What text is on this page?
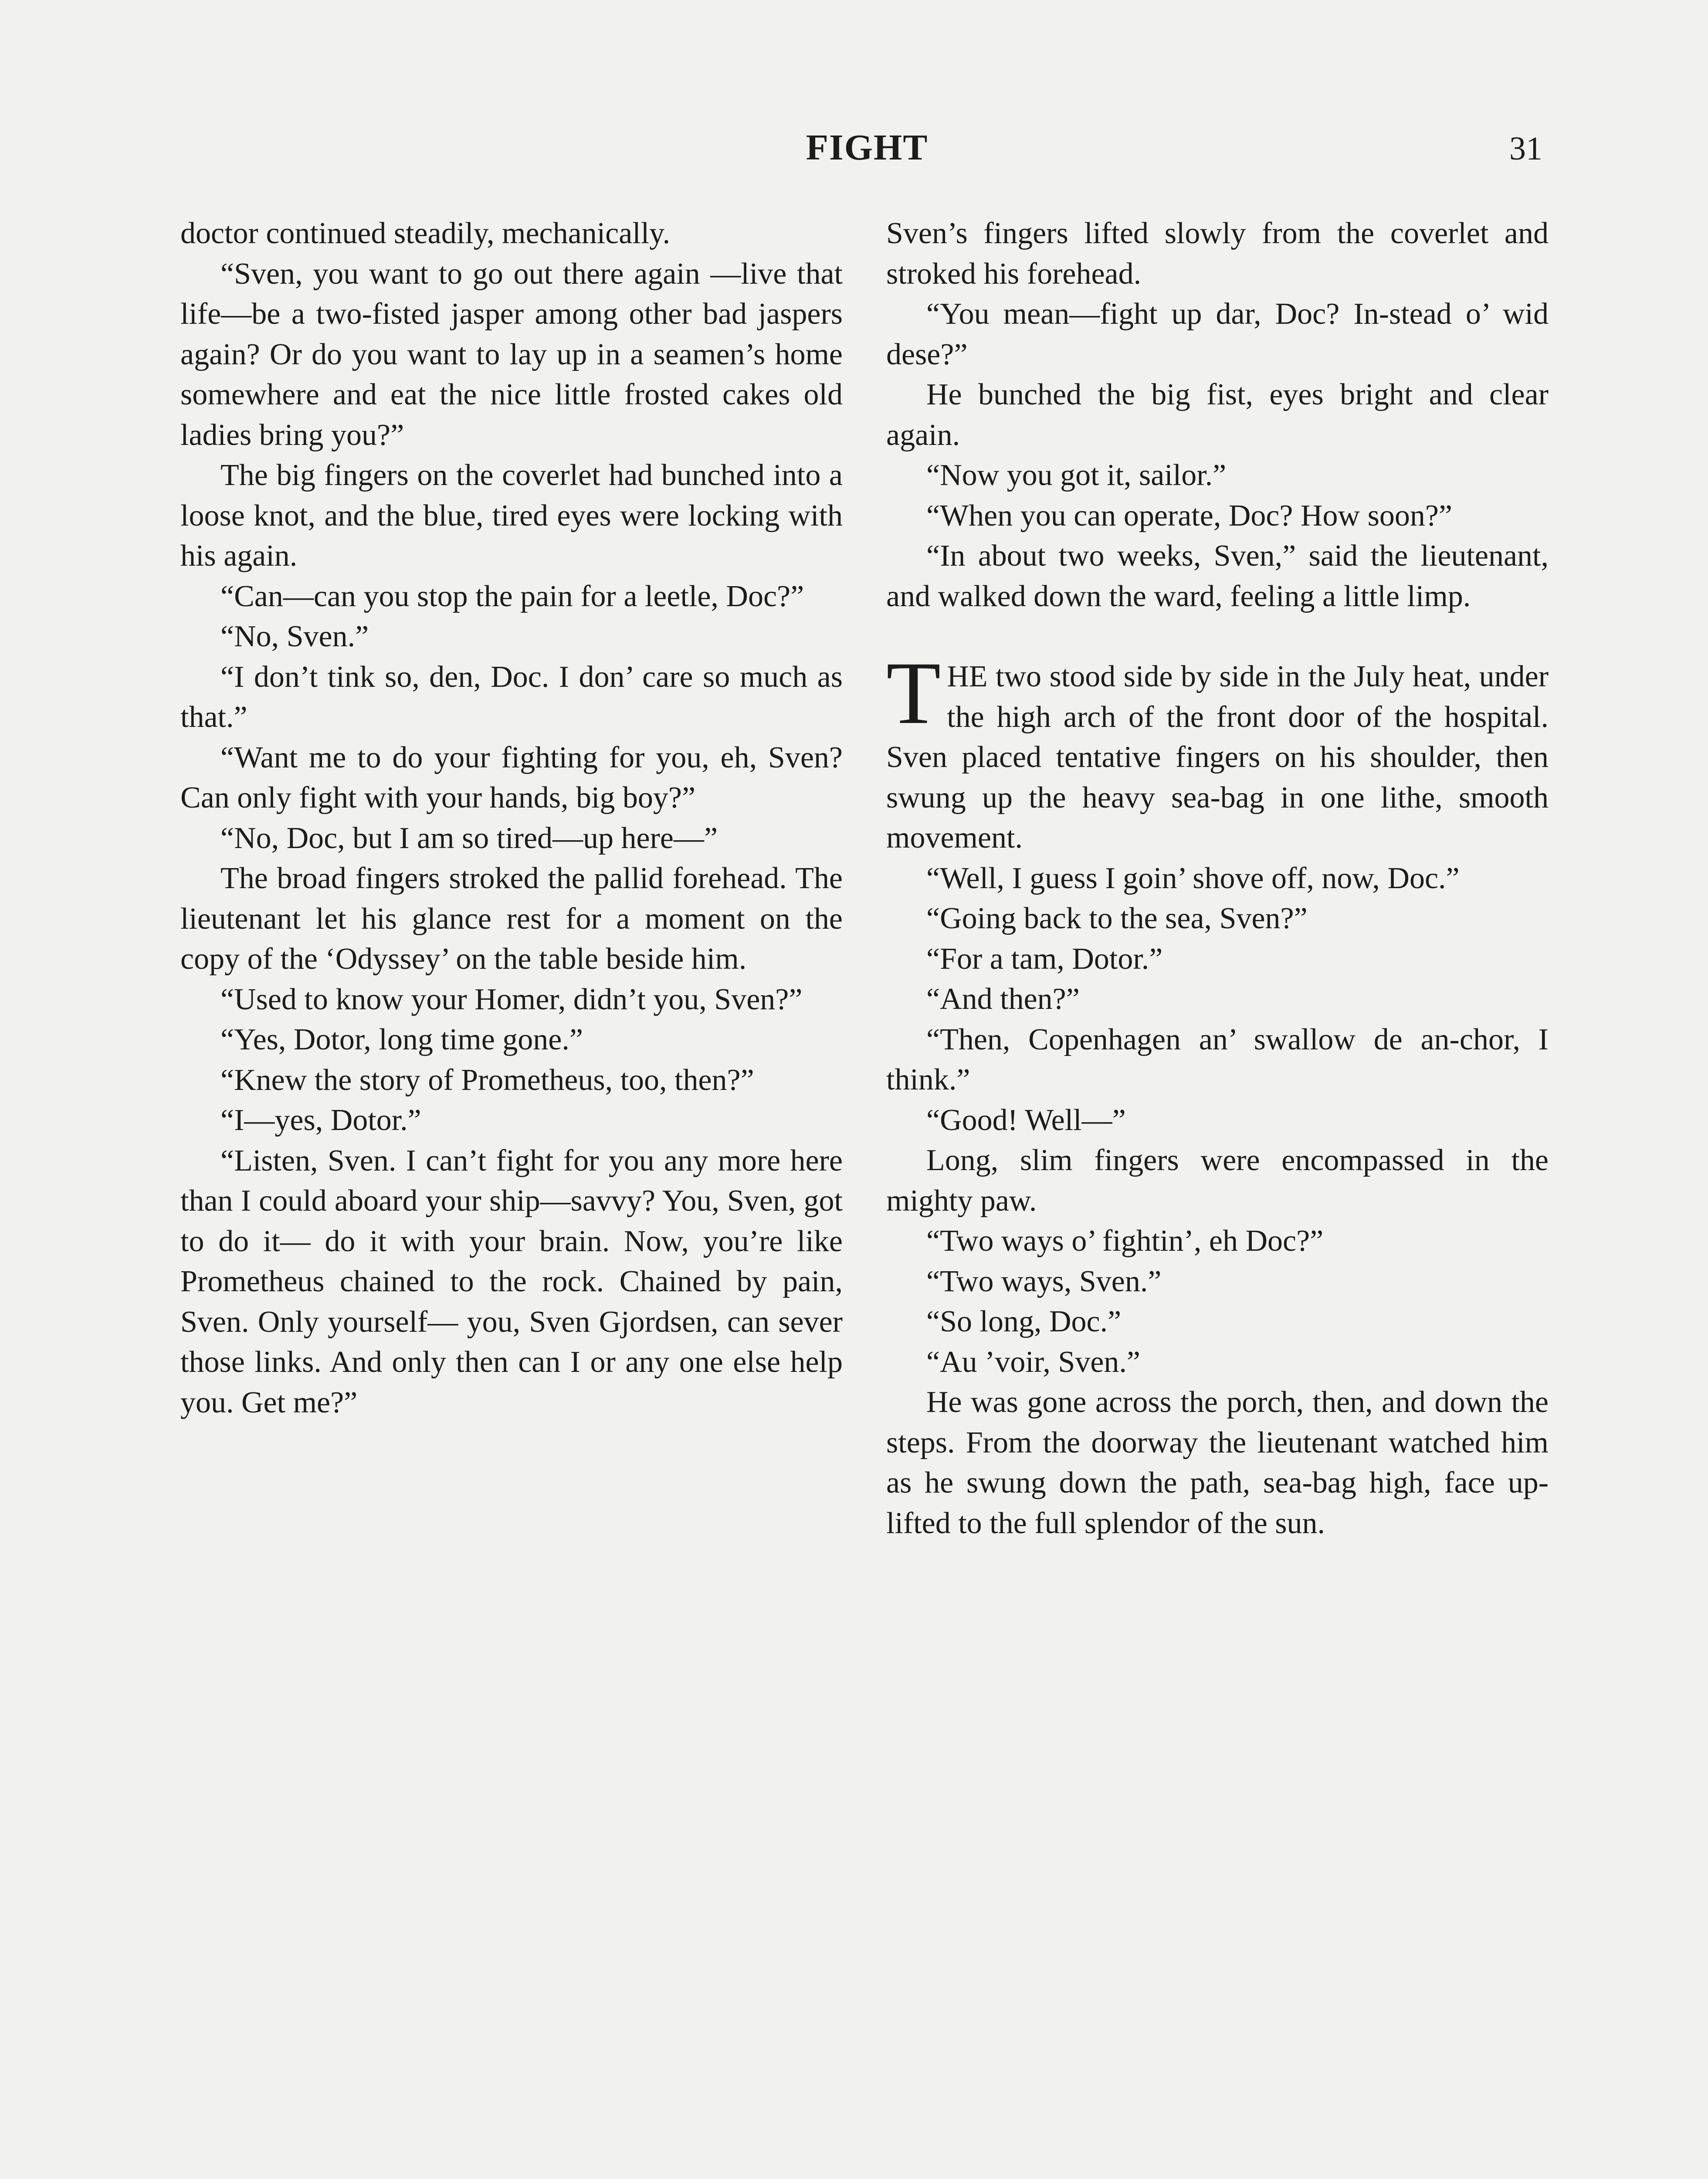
FIGHT	31

doctor continued steadily, mechanically.

“Sven, you want to go out there again —live that life—be a two-fisted jasper among other bad jaspers again? Or do you want to lay up in a seamen’s home somewhere and eat the nice little frosted cakes old ladies bring you?”

The big fingers on the coverlet had bunched into a loose knot, and the blue, tired eyes were locking with his again.

“Can—can you stop the pain for a leetle, Doc?”

“No, Sven.”

“I don’t tink so, den, Doc. I don’ care so much as that.”

“Want me to do your fighting for you, eh, Sven? Can only fight with your hands, big boy?”

“No, Doc, but I am so tired—up here—”

The broad fingers stroked the pallid forehead. The lieutenant let his glance rest for a moment on the copy of the ‘Odyssey’ on the table beside him.

“Used to know your Homer, didn’t you, Sven?”

“Yes, Dotor, long time gone.”

“Knew the story of Prometheus, too, then?”

“I—yes, Dotor.”

“Listen, Sven. I can’t fight for you any more here than I could aboard your ship—savvy? You, Sven, got to do it— do it with your brain. Now, you’re like Prometheus chained to the rock. Chained by pain, Sven. Only yourself— you, Sven Gjordsen, can sever those links. And only then can I or any one else help you. Get me?”

Sven’s fingers lifted slowly from the coverlet and stroked his forehead.

“You mean—fight up dar, Doc? In-stead o’ wid dese?”

He bunched the big fist, eyes bright and clear again.

“Now you got it, sailor.”

“When you can operate, Doc? How soon?”

“In about two weeks, Sven,” said the lieutenant, and walked down the ward, feeling a little limp.

THE two stood side by side in the July heat, under the high arch of the front door of the hospital. Sven placed tentative fingers on his shoulder, then swung up the heavy sea-bag in one lithe, smooth movement.

“Well, I guess I goin’ shove off, now, Doc.”

“Going back to the sea, Sven?”

“For a tam, Dotor.”

“And then?”

“Then, Copenhagen an’ swallow de an-chor, I think.”

“Good! Well—”

Long, slim fingers were encompassed in the mighty paw.

“Two ways o’ fightin’, eh Doc?”

“Two ways, Sven.”

“So long, Doc.”

“Au ’voir, Sven.”

He was gone across the porch, then, and down the steps. From the doorway the lieutenant watched him as he swung down the path, sea-bag high, face up-lifted to the full splendor of the sun.
